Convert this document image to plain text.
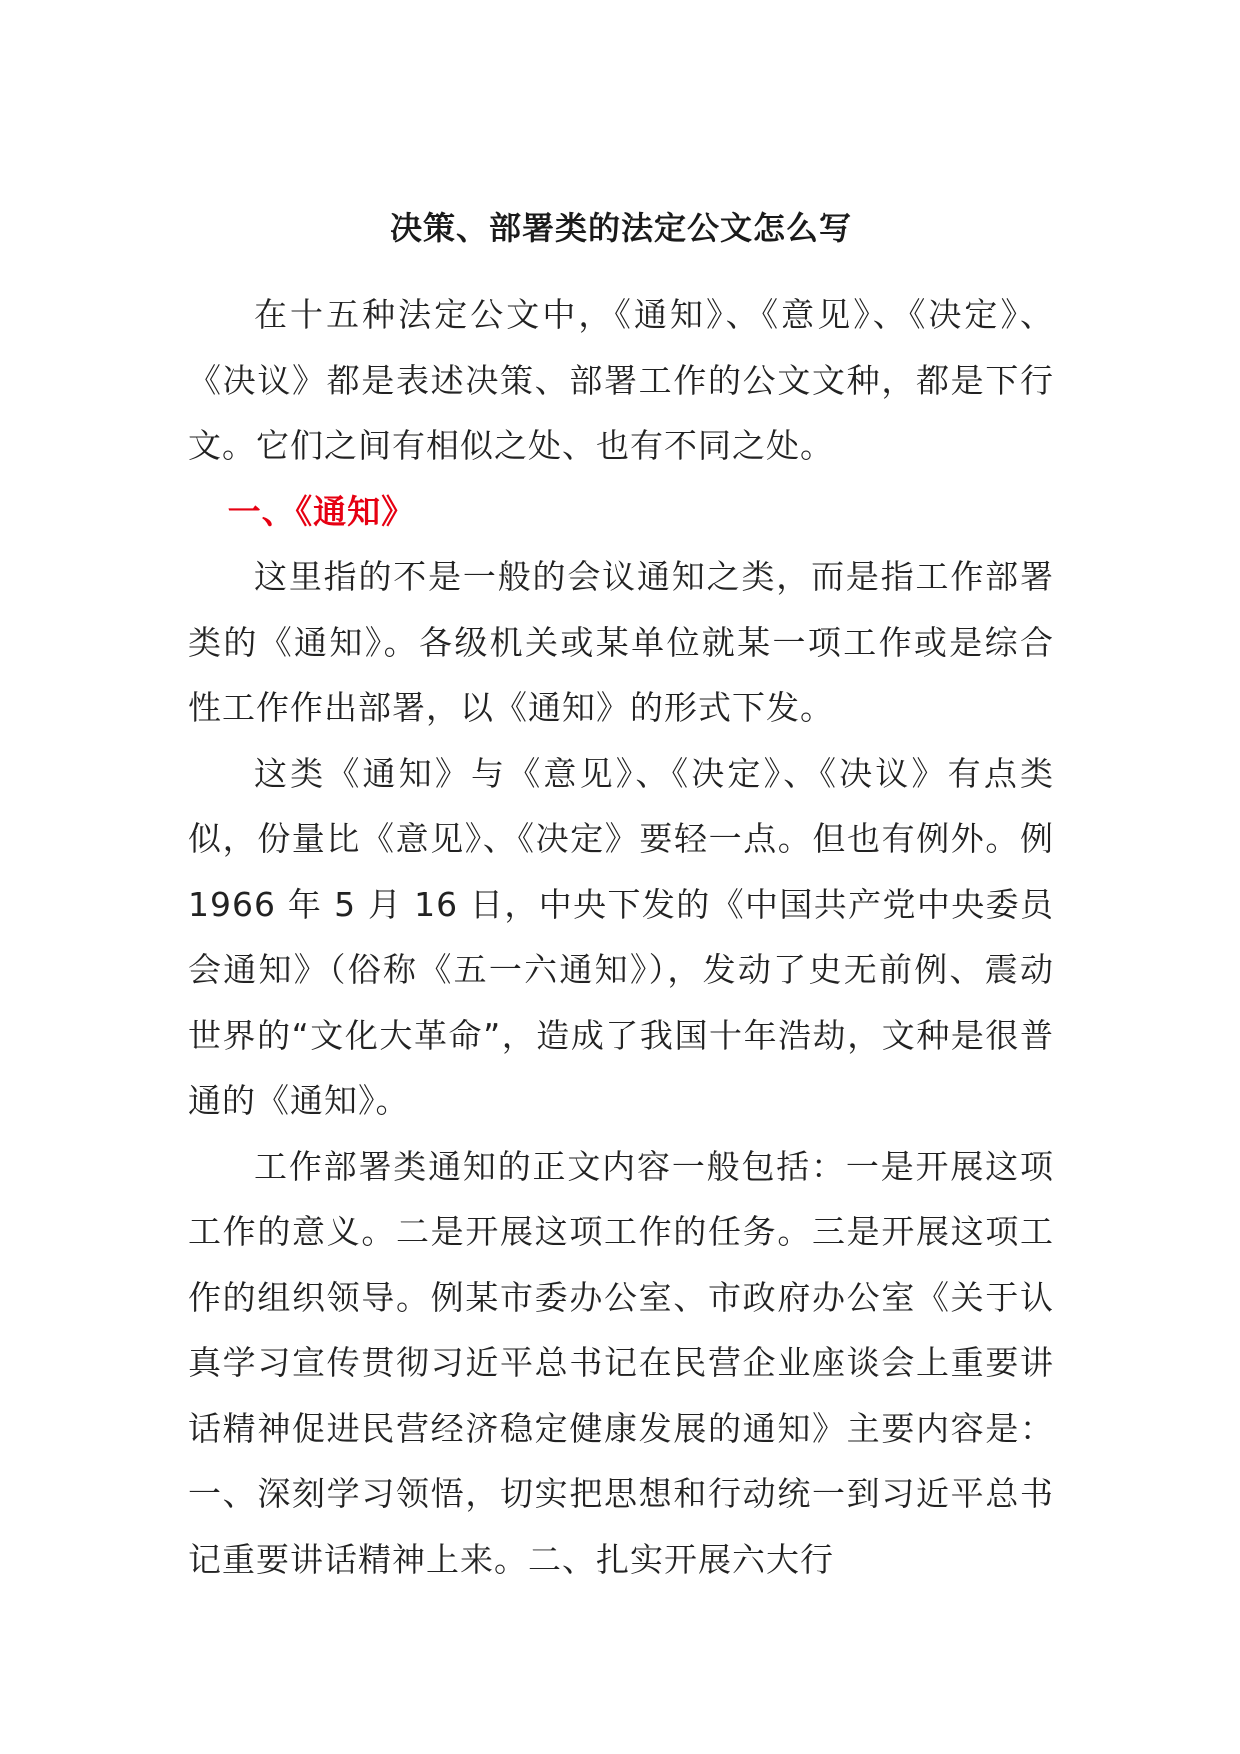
决策、部署类的法定公文怎么写

在十五种法定公文中，《通知》、《意见》、《决定》、《决议》都是表述决策、部署工作的公文文种，都是下行文。它们之间有相似之处、也有不同之处。

一、《通知》

这里指的不是一般的会议通知之类，而是指工作部署类的《通知》。各级机关或某单位就某一项工作或是综合性工作作出部署，以《通知》的形式下发。

这类《通知》与《意见》、《决定》、《决议》有点类似，份量比《意见》、《决定》要轻一点。但也有例外。例 1966 年 5 月 16 日，中央下发的《中国共产党中央委员会通知》（俗称《五一六通知》），发动了史无前例、震动世界的“文化大革命”，造成了我国十年浩劫，文种是很普通的《通知》。

工作部署类通知的正文内容一般包括：一是开展这项工作的意义。二是开展这项工作的任务。三是开展这项工作的组织领导。例某市委办公室、市政府办公室《关于认真学习宣传贯彻习近平总书记在民营企业座谈会上重要讲话精神促进民营经济稳定健康发展的通知》主要内容是：一、深刻学习领悟，切实把思想和行动统一到习近平总书记重要讲话精神上来。二、扎实开展六大行
